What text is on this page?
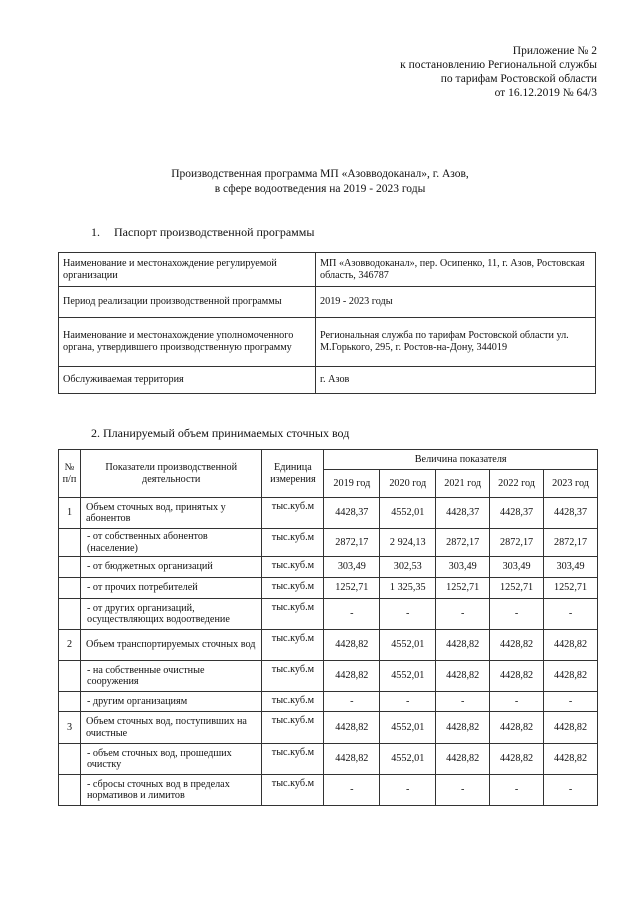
Приложение № 2
к постановлению Региональной службы
по тарифам Ростовской области
от 16.12.2019 № 64/3
Производственная программа МП «Азовводоканал», г. Азов,
в сфере водоотведения на 2019 - 2023 годы
1. Паспорт производственной программы
Наименование и местонахождение регулируемой организации	МП «Азовводоканал», пер. Осипенко, 11, г. Азов, Ростовская область, 346787
Период реализации производственной программы	2019 - 2023 годы
Наименование и местонахождение уполномоченного органа, утвердившего производственную программу	Региональная служба по тарифам Ростовской области ул. М.Горького, 295, г. Ростов-на-Дону, 344019
Обслуживаемая территория	г. Азов
2. Планируемый объем принимаемых сточных вод
№ п/п	Показатели производственной деятельности	Единица измерения	Величина показателя				
			2019 год	2020 год	2021 год	2022 год	2023 год
1	Объем сточных вод, принятых у абонентов	тыс.куб.м	4428,37	4552,01	4428,37	4428,37	4428,37
	- от собственных абонентов (население)	тыс.куб.м	2872,17	2 924,13	2872,17	2872,17	2872,17
	- от бюджетных организаций	тыс.куб.м	303,49	302,53	303,49	303,49	303,49
	- от прочих потребителей	тыс.куб.м	1252,71	1 325,35	1252,71	1252,71	1252,71
	- от других организаций, осуществляющих водоотведение	тыс.куб.м	-	-	-	-	-
2	Объем транспортируемых сточных вод	тыс.куб.м	4428,82	4552,01	4428,82	4428,82	4428,82
	- на собственные очистные сооружения	тыс.куб.м	4428,82	4552,01	4428,82	4428,82	4428,82
	- другим организациям	тыс.куб.м	-	-	-	-	-
3	Объем сточных вод, поступивших на очистные	тыс.куб.м	4428,82	4552,01	4428,82	4428,82	4428,82
	- объем сточных вод, прошедших очистку	тыс.куб.м	4428,82	4552,01	4428,82	4428,82	4428,82
	- сбросы сточных вод в пределах нормативов и лимитов	тыс.куб.м	-	-	-	-	-
